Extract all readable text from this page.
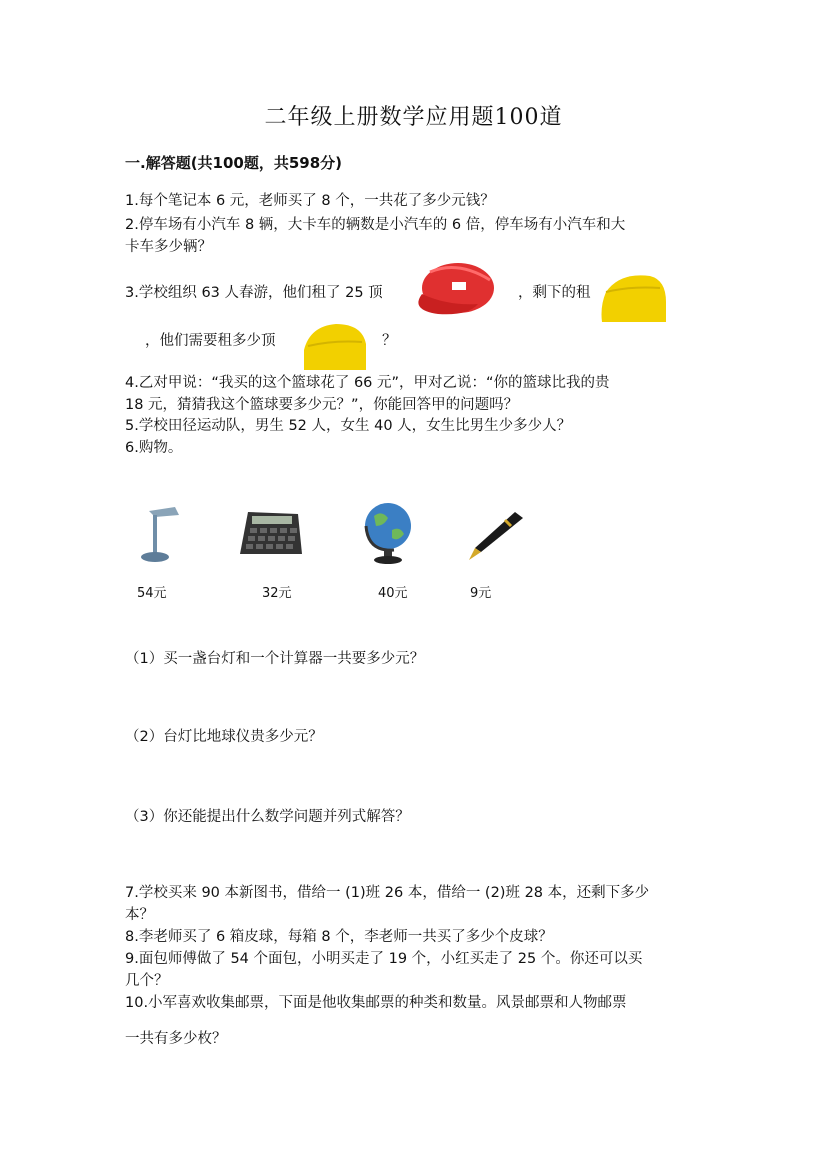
二年级上册数学应用题100道
一.解答题(共100题，共598分)
1.每个笔记本 6 元，老师买了 8 个，一共花了多少元钱？
2.停车场有小汽车 8 辆，大卡车的辆数是小汽车的 6 倍，停车场有小汽车和大
卡车多少辆？
3.学校组织 63 人春游，他们租了 25 顶	，剩下的租
，他们需要租多少顶	？
4.乙对甲说：“我买的这个篮球花了 66 元”，甲对乙说：“你的篮球比我的贵
18 元，猜猜我这个篮球要多少元？”，你能回答甲的问题吗？
5.学校田径运动队，男生 52 人，女生 40 人，女生比男生少多少人？
6.购物。
54元	32元	40元	9元
（1）买一盏台灯和一个计算器一共要多少元？
（2）台灯比地球仪贵多少元？
（3）你还能提出什么数学问题并列式解答？
7.学校买来 90 本新图书，借给一 (1)班 26 本，借给一 (2)班 28 本，还剩下多少
本？
8.李老师买了 6 箱皮球，每箱 8 个，李老师一共买了多少个皮球？
9.面包师傅做了 54 个面包，小明买走了 19 个，小红买走了 25 个。你还可以买
几个？
10.小军喜欢收集邮票，下面是他收集邮票的种类和数量。风景邮票和人物邮票
一共有多少枚？
